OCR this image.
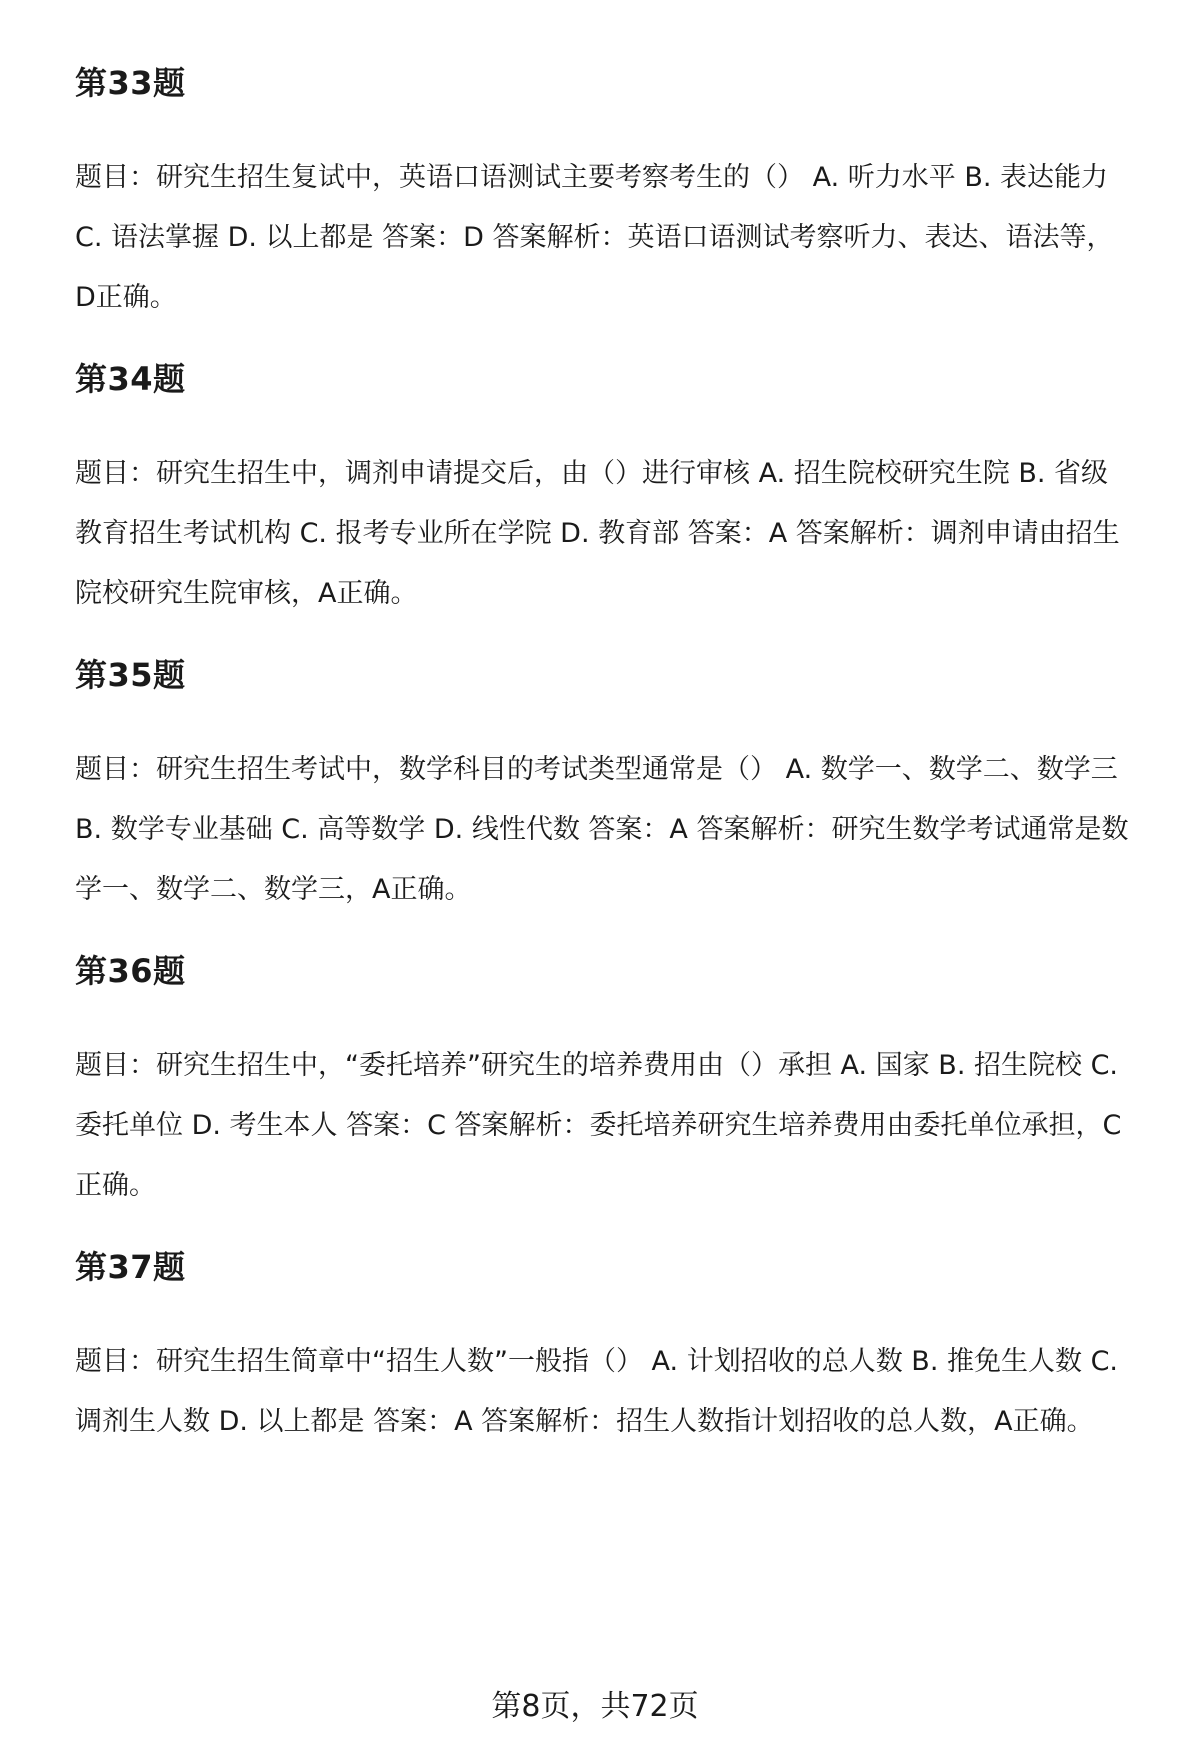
第33题

题目：研究生招生复试中，英语口语测试主要考察考生的（） A. 听力水平 B. 表达能力 C. 语法掌握 D. 以上都是 答案：D 答案解析：英语口语测试考察听力、表达、语法等，D正确。

第34题

题目：研究生招生中，调剂申请提交后，由（）进行审核 A. 招生院校研究生院 B. 省级教育招生考试机构 C. 报考专业所在学院 D. 教育部 答案：A 答案解析：调剂申请由招生院校研究生院审核，A正确。

第35题

题目：研究生招生考试中，数学科目的考试类型通常是（） A. 数学一、数学二、数学三 B. 数学专业基础 C. 高等数学 D. 线性代数 答案：A 答案解析：研究生数学考试通常是数学一、数学二、数学三，A正确。

第36题

题目：研究生招生中，“委托培养”研究生的培养费用由（）承担 A. 国家 B. 招生院校 C. 委托单位 D. 考生本人 答案：C 答案解析：委托培养研究生培养费用由委托单位承担，C正确。

第37题

题目：研究生招生简章中“招生人数”一般指（） A. 计划招收的总人数 B. 推免生人数 C. 调剂生人数 D. 以上都是 答案：A 答案解析：招生人数指计划招收的总人数，A正确。

第8页，共72页
